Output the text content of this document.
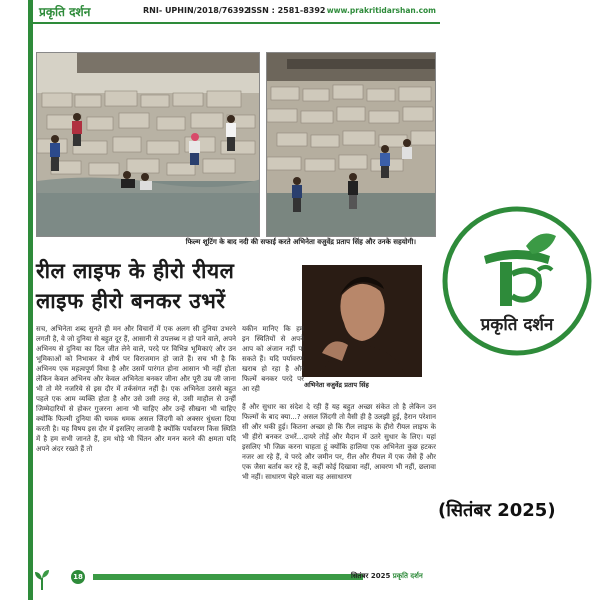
प्रकृति दर्शन	RNI- UPHIN/2018/76392
ISSN : 2581-8392 www.prakritidarshan.com
फिल्म शूटिंग के बाद नदी की सफाई करते अभिनेता वजुवेंद्र प्रताप सिंह और उनके सहयोगी।
रील लाइफ के हीरो रीयल
लाइफ हीरो बनकर उभरें
अभिनेता वजुवेंद्र प्रताप सिंह
सच, अभिनेता शब्द सुनते ही मन और विचारों में एक अलग सी दुनिया उभरने लगती है, वे जो दुनिया से बहुत दूर हैं, आसानी से उपलब्ध न हो पाने वाले, अपने अभिनय से दुनिया का दिल जीत लेने वाले, परदे पर विभिन्न भूमिकाएं और उन भूमिकाओं को निभाकर वे शीर्ष पर विराजमान हो जाते हैं। सच भी है कि अभिनय एक महत्वपूर्ण विधा है और उसमें पारंगत होना आसान भी नहीं होता लेकिन केवल अभिनय और केवल अभिनेता बनकर जीना और पूरी उम्र जी जाना भी तो मेरे नजरिये से इस दौर में तर्कसंगत नहीं है। एक अभिनेता उससे बहुत पहले एक आम व्यक्ति होता है और उसे उसी तरह से, उसी माहौल से उन्हीं जिम्मेदारियों से होकर गुजरना आना भी चाहिए और उन्हें सीखना भी चाहिए क्योंकि फिल्मी दुनिया की चमक धमक असल जिंदगी को अक्सर धुंधला दिया करती है। यह विषय इस दौर में इसलिए लाजमी है क्योंकि पर्यावरण किस स्थिति में है हम सभी जानते हैं, हम थोड़े भी चिंतन और मनन करने की क्षमता यदि अपने अंदर रखते हैं तो
यकीन मानिए कि हम इन स्थितियों से अपने आप को अंजान नहीं पा सकते हैं। यदि पर्यावरण खराब हो रहा है और फिल्में बनकर परदे पर आ रही
हैं और सुधार का संदेश दे रही हैं यह बहुत अच्छा संकेत तो है लेकिन उन फिल्मों के बाद क्या...? असल जिंदगी तो वैसी ही है उलझी हुई, हैरान परेशान सी और थकी हुई। कितना अच्छा हो कि रील लाइफ के हीरो रीयल लाइफ के भी हीरो बनकर उभरें...दायरे तोड़ें और मैदान में उतरे सुधार के लिए। यहां इसलिए भी जिक्र करना चाहता हूं क्योंकि हालिया एक अभिनेता कुछ हटकर नजर आ रहे हैं, वे परदे और जमीन पर, रील और रीयल में एक जैसे हैं और एक जैसा बर्ताव कर रहे हैं, कहीं कोई दिखावा नहीं, आवरण भी नहीं, छलावा भी नहीं। साधारण चेहरे वाला यह असाधारण
18	सितंबर 2025 प्रकृति दर्शन
प्रकृति दर्शन
(सितंबर 2025)
